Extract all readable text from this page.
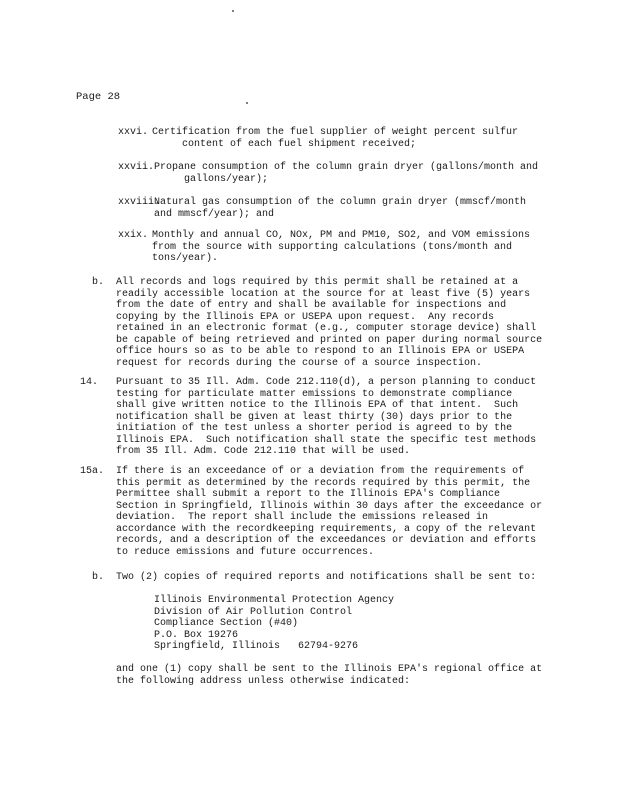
Page 28
xxvi. Certification from the fuel supplier of weight percent sulfur
content of each fuel shipment received;
xxvii. Propane consumption of the column grain dryer (gallons/month and
gallons/year);
xxviii.
Natural gas consumption of the column grain dryer (mmscf/month
and mmscf/year); and
xxix. Monthly and annual CO, NOx, PM and PM10, SO2, and VOM emissions
from the source with supporting calculations (tons/month and
tons/year).
b. All records and logs required by this permit shall be retained at a
readily accessible location at the source for at least five (5) years
from the date of entry and shall be available for inspections and
copying by the Illinois EPA or USEPA upon request.  Any records
retained in an electronic format (e.g., computer storage device) shall
be capable of being retrieved and printed on paper during normal source
office hours so as to be able to respond to an Illinois EPA or USEPA
request for records during the course of a source inspection.
14. Pursuant to 35 Ill. Adm. Code 212.110(d), a person planning to conduct
testing for particulate matter emissions to demonstrate compliance
shall give written notice to the Illinois EPA of that intent.  Such
notification shall be given at least thirty (30) days prior to the
initiation of the test unless a shorter period is agreed to by the
Illinois EPA.  Such notification shall state the specific test methods
from 35 Ill. Adm. Code 212.110 that will be used.
15a. If there is an exceedance of or a deviation from the requirements of
this permit as determined by the records required by this permit, the
Permittee shall submit a report to the Illinois EPA's Compliance
Section in Springfield, Illinois within 30 days after the exceedance or
deviation.  The report shall include the emissions released in
accordance with the recordkeeping requirements, a copy of the relevant
records, and a description of the exceedances or deviation and efforts
to reduce emissions and future occurrences.
b. Two (2) copies of required reports and notifications shall be sent to:
Illinois Environmental Protection Agency
Division of Air Pollution Control
Compliance Section (#40)
P.O. Box 19276
Springfield, Illinois   62794-9276
and one (1) copy shall be sent to the Illinois EPA's regional office at
the following address unless otherwise indicated:
